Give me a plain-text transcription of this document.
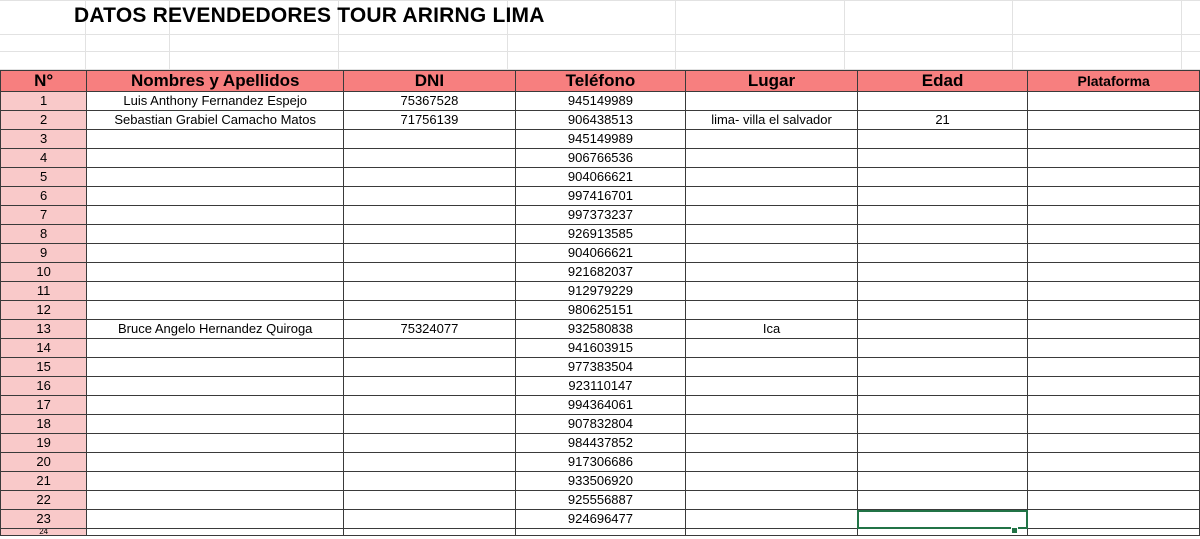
DATOS REVENDEDORES TOUR ARIRNG LIMA
N°	Nombres y Apellidos	DNI	Teléfono	Lugar	Edad	Plataforma
1	Luis Anthony Fernandez Espejo	75367528	945149989			
2	Sebastian Grabiel Camacho Matos	71756139	906438513	lima- villa el salvador	21	
3			945149989			
4			906766536			
5			904066621			
6			997416701			
7			997373237			
8			926913585			
9			904066621			
10			921682037			
11			912979229			
12			980625151			
13	Bruce Angelo Hernandez Quiroga	75324077	932580838	Ica		
14			941603915			
15			977383504			
16			923110147			
17			994364061			
18			907832804			
19			984437852			
20			917306686			
21			933506920			
22			925556887			
23			924696477			
24						
